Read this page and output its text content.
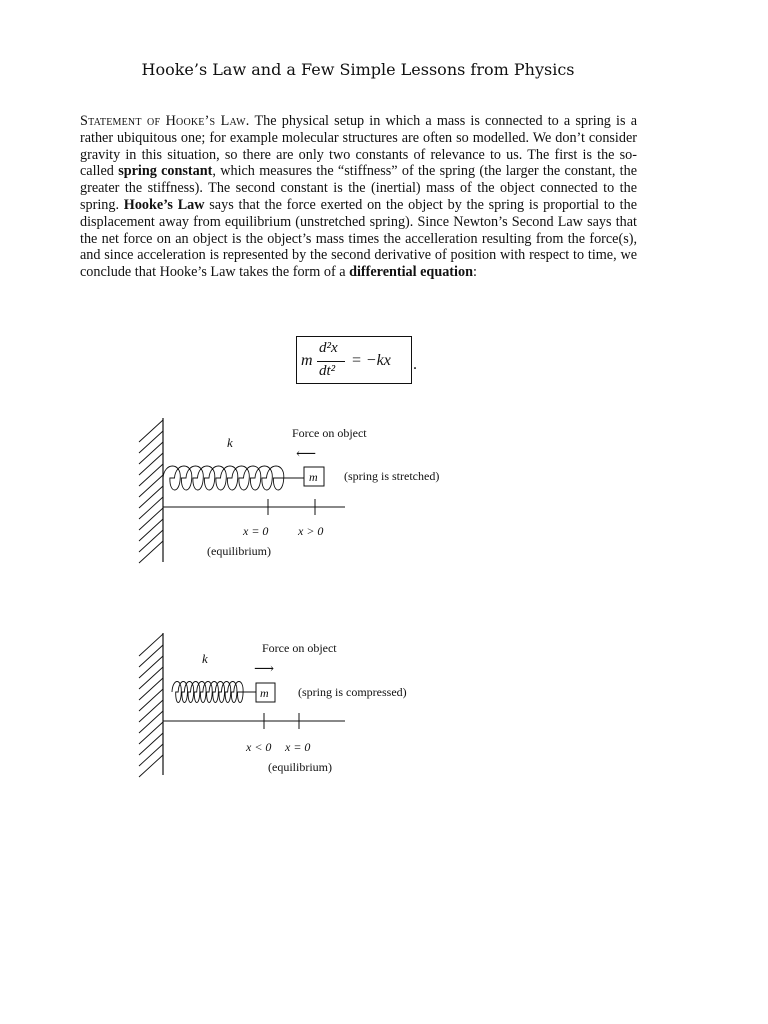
Hooke’s Law and a Few Simple Lessons from Physics
Statement of Hooke’s Law. The physical setup in which a mass is connected to a spring is a rather ubiquitous one; for example molecular structures are often so modelled. We don’t consider gravity in this situation, so there are only two constants of relevance to us. The first is the so-called spring constant, which measures the “stiffness” of the spring (the larger the constant, the greater the stiffness). The second constant is the (inertial) mass of the object connected to the spring. Hooke’s Law says that the force exerted on the object by the spring is proportial to the displacement away from equilibrium (unstretched spring). Since Newton’s Second Law says that the net force on an object is the object’s mass times the accelleration resulting from the force(s), and since acceleration is represented by the second derivative of position with respect to time, we conclude that Hooke’s Law takes the form of a differential equation:
m
d²x
dt²
= −kx .
m
k
Force on object
⟵
(spring is stretched)
x = 0 x > 0
(equilibrium)
m
k
Force on object
⟶
(spring is compressed)
x < 0 x = 0
(equilibrium)
